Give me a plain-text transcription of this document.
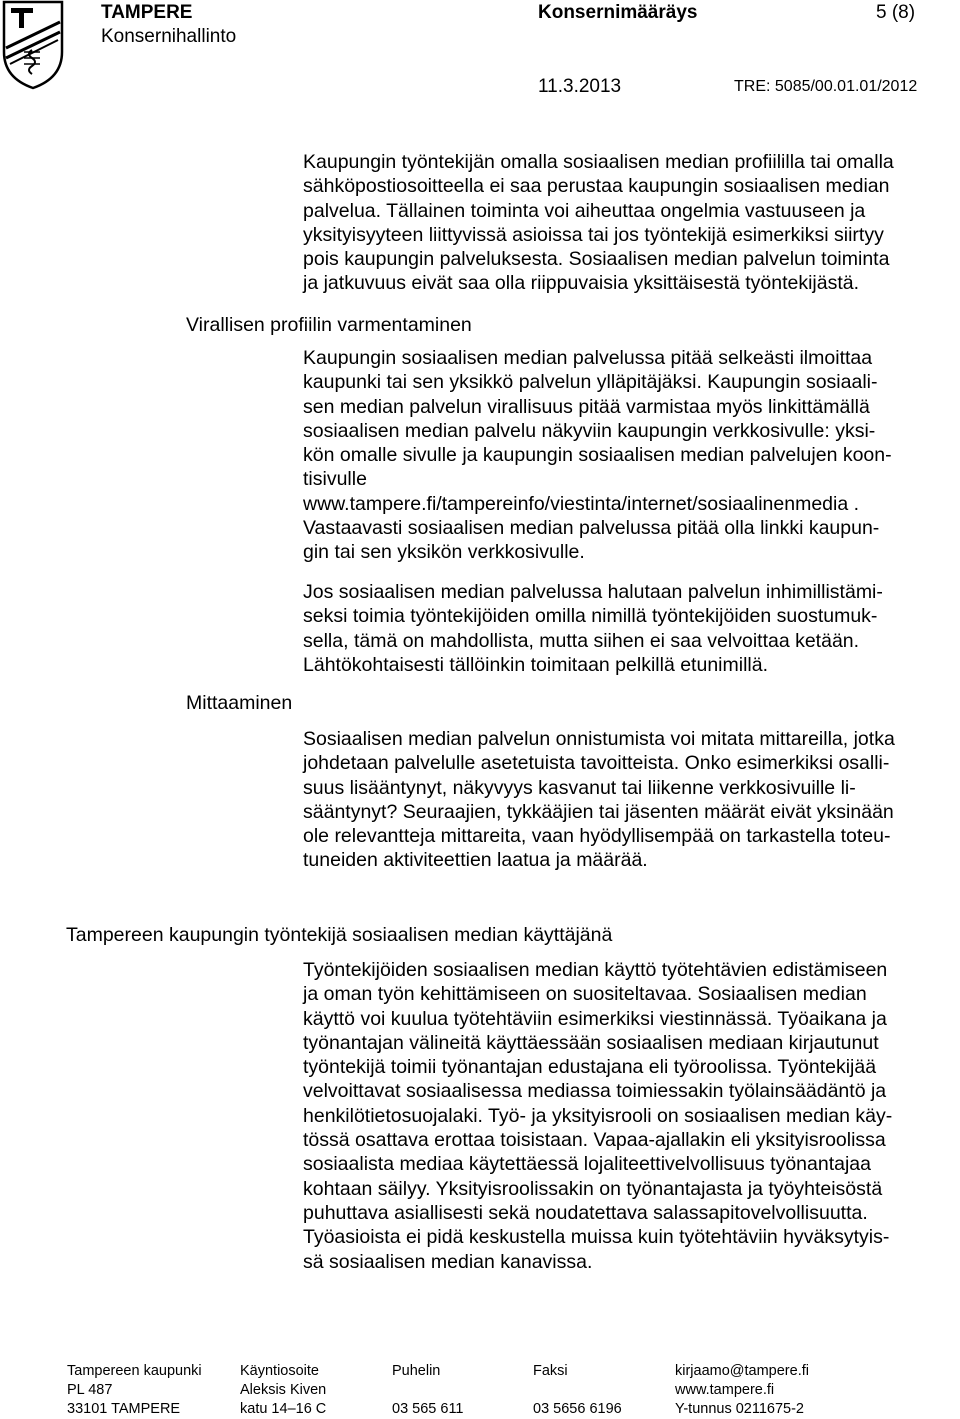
TAMPERE
Konsernihallinto
Konsernimääräys	5 (8)
11.3.2013	TRE: 5085/00.01.01/2012
Kaupungin työntekijän omalla sosiaalisen median profiililla tai omalla
sähköpostiosoitteella ei saa perustaa kaupungin sosiaalisen median
palvelua. Tällainen toiminta voi aiheuttaa ongelmia vastuuseen ja
yksityisyyteen liittyvissä asioissa tai jos työntekijä esimerkiksi siirtyy
pois kaupungin palveluksesta. Sosiaalisen median palvelun toiminta
ja jatkuvuus eivät saa olla riippuvaisia yksittäisestä työntekijästä.
Virallisen profiilin varmentaminen
Kaupungin sosiaalisen median palvelussa pitää selkeästi ilmoittaa
kaupunki tai sen yksikkö palvelun ylläpitäjäksi. Kaupungin sosiaali-
sen median palvelun virallisuus pitää varmistaa myös linkittämällä
sosiaalisen median palvelu näkyviin kaupungin verkkosivulle: yksi-
kön omalle sivulle ja kaupungin sosiaalisen median palvelujen koon-
tisivulle
www.tampere.fi/tampereinfo/viestinta/internet/sosiaalinenmedia .
Vastaavasti sosiaalisen median palvelussa pitää olla linkki kaupun-
gin tai sen yksikön verkkosivulle.
Jos sosiaalisen median palvelussa halutaan palvelun inhimillistämi-
seksi toimia työntekijöiden omilla nimillä työntekijöiden suostumuk-
sella, tämä on mahdollista, mutta siihen ei saa velvoittaa ketään.
Lähtökohtaisesti tällöinkin toimitaan pelkillä etunimillä.
Mittaaminen
Sosiaalisen median palvelun onnistumista voi mitata mittareilla, jotka
johdetaan palvelulle asetetuista tavoitteista. Onko esimerkiksi osalli-
suus lisääntynyt, näkyvyys kasvanut tai liikenne verkkosivuille li-
sääntynyt? Seuraajien, tykkääjien tai jäsenten määrät eivät yksinään
ole relevantteja mittareita, vaan hyödyllisempää on tarkastella toteu-
tuneiden aktiviteettien laatua ja määrää.
Tampereen kaupungin työntekijä sosiaalisen median käyttäjänä
Työntekijöiden sosiaalisen median käyttö työtehtävien edistämiseen
ja oman työn kehittämiseen on suositeltavaa. Sosiaalisen median
käyttö voi kuulua työtehtäviin esimerkiksi viestinnässä. Työaikana ja
työnantajan välineitä käyttäessään sosiaalisen mediaan kirjautunut
työntekijä toimii työnantajan edustajana eli työroolissa. Työntekijää
velvoittavat sosiaalisessa mediassa toimiessakin työlainsäädäntö ja
henkilötietosuojalaki. Työ- ja yksityisrooli on sosiaalisen median käy-
tössä osattava erottaa toisistaan. Vapaa-ajallakin eli yksityisroolissa
sosiaalista mediaa käytettäessä lojaliteettivelvollisuus työnantajaa
kohtaan säilyy. Yksityisroolissakin on työnantajasta ja työyhteisöstä
puhuttava asiallisesti sekä noudatettava salassapitovelvollisuutta.
Työasioista ei pidä keskustella muissa kuin työtehtäviin hyväksytyis-
sä sosiaalisen median kanavissa.
Tampereen kaupunki
PL 487
33101 TAMPERE
Käyntiosoite
Aleksis Kiven
katu 14–16 C
Puhelin
03 565 611
Faksi
03 5656 6196
kirjaamo@tampere.fi
www.tampere.fi
Y-tunnus 0211675-2
